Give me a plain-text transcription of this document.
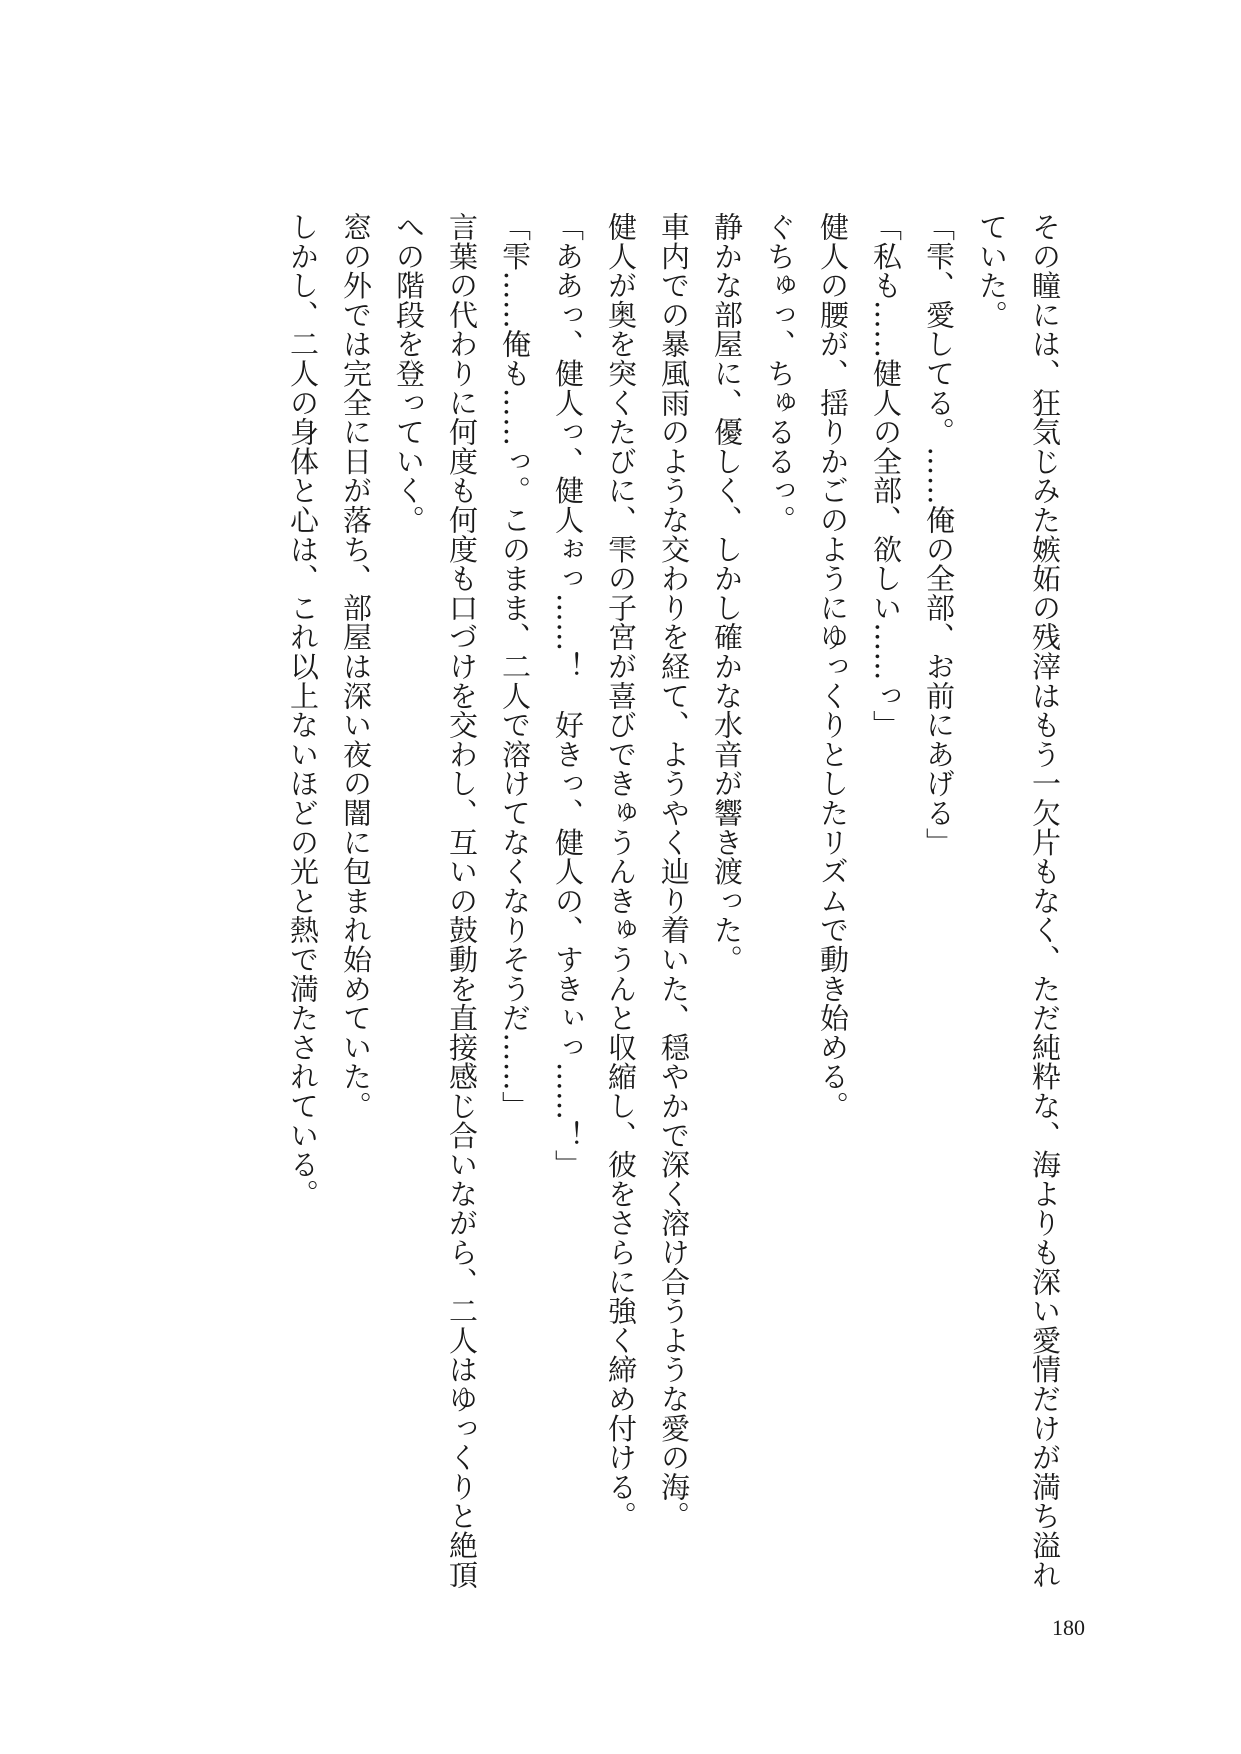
その瞳には、狂気じみた嫉妬の残滓はもう一欠片もなく、ただ純粋な、海よりも深い愛情だけが満ち溢れ

ていた。

「雫、愛してる。……俺の全部、お前にあげる」

「私も……健人の全部、欲しい……っ」

健人の腰が、揺りかごのようにゆっくりとしたリズムで動き始める。

ぐちゅっ、ちゅるるっ。

静かな部屋に、優しく、しかし確かな水音が響き渡った。

車内での暴風雨のような交わりを経て、ようやく辿り着いた、穏やかで深く溶け合うような愛の海。

健人が奥を突くたびに、雫の子宮が喜びできゅうんきゅうんと収縮し、彼をさらに強く締め付ける。

「ああっ、健人っ、健人ぉっ……！　好きっ、健人の、すきぃっ……！」

「雫……俺も……っ。このまま、二人で溶けてなくなりそうだ……」

言葉の代わりに何度も何度も口づけを交わし、互いの鼓動を直接感じ合いながら、二人はゆっくりと絶頂

への階段を登っていく。

窓の外では完全に日が落ち、部屋は深い夜の闇に包まれ始めていた。

しかし、二人の身体と心は、これ以上ないほどの光と熱で満たされている。

180
